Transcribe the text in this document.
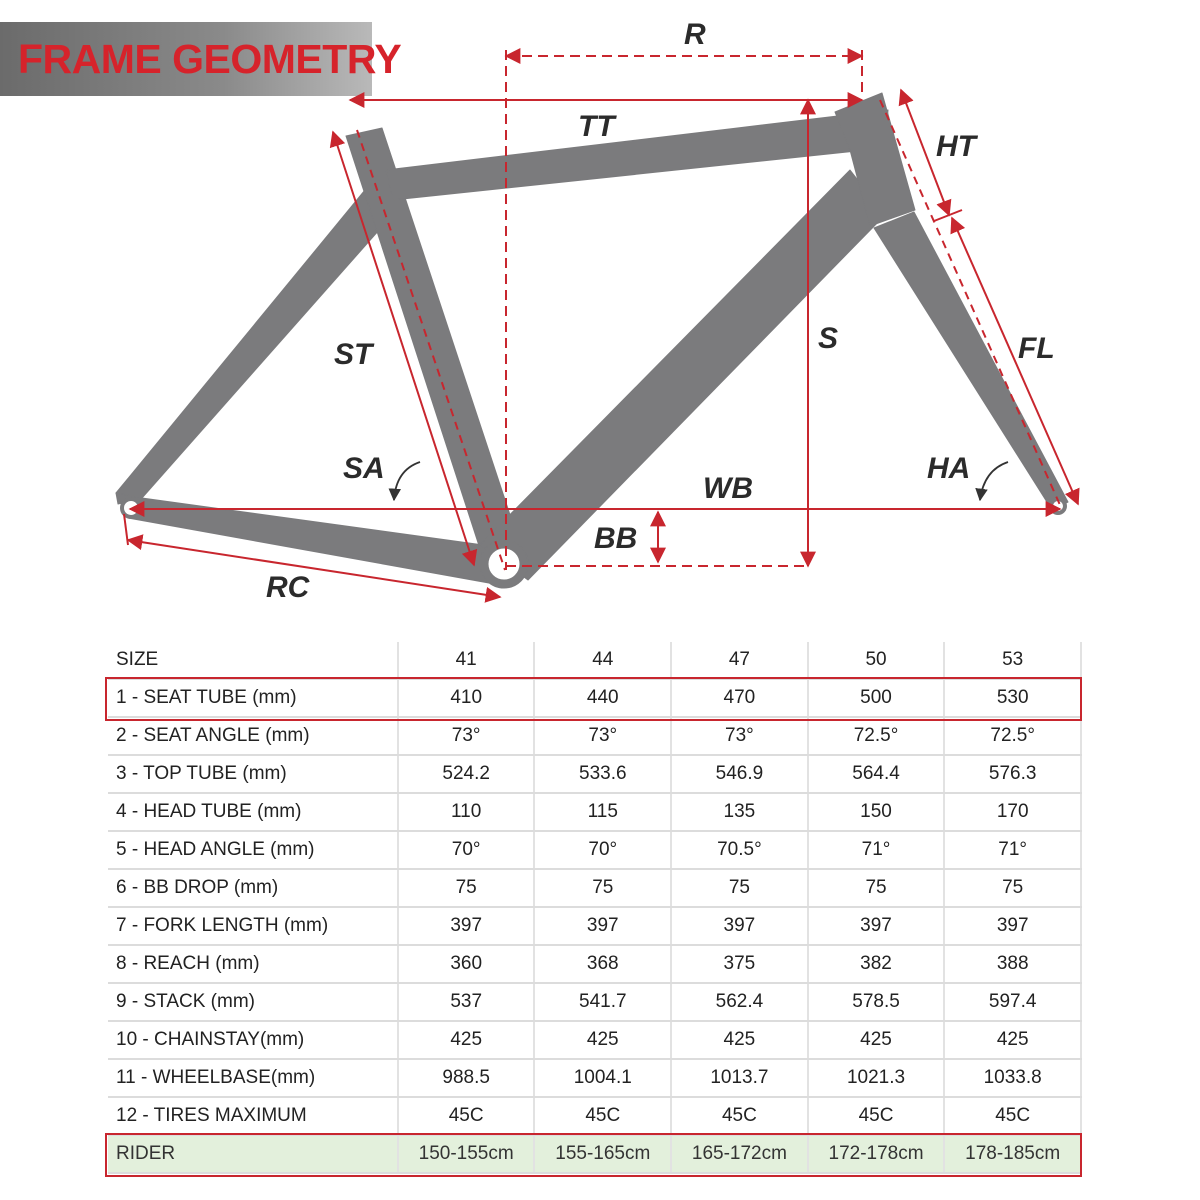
FRAME GEOMETRY
R
TT
HT
ST	S	FL
SA	HA
WB
BB
RC
SIZE	41	44	47	50	53
1 - SEAT TUBE (mm)	410	440	470	500	530
2 - SEAT ANGLE (mm)	73°	73°	73°	72.5°	72.5°
3 - TOP TUBE (mm)	524.2	533.6	546.9	564.4	576.3
4 - HEAD TUBE (mm)	110	115	135	150	170
5 - HEAD ANGLE (mm)	70°	70°	70.5°	71°	71°
6 - BB DROP (mm)	75	75	75	75	75
7 - FORK LENGTH (mm)	397	397	397	397	397
8 - REACH (mm)	360	368	375	382	388
9 - STACK (mm)	537	541.7	562.4	578.5	597.4
10 - CHAINSTAY(mm)	425	425	425	425	425
11 - WHEELBASE(mm)	988.5	1004.1	1013.7	1021.3	1033.8
12 - TIRES MAXIMUM	45C	45C	45C	45C	45C
RIDER	150-155cm	155-165cm	165-172cm	172-178cm	178-185cm
